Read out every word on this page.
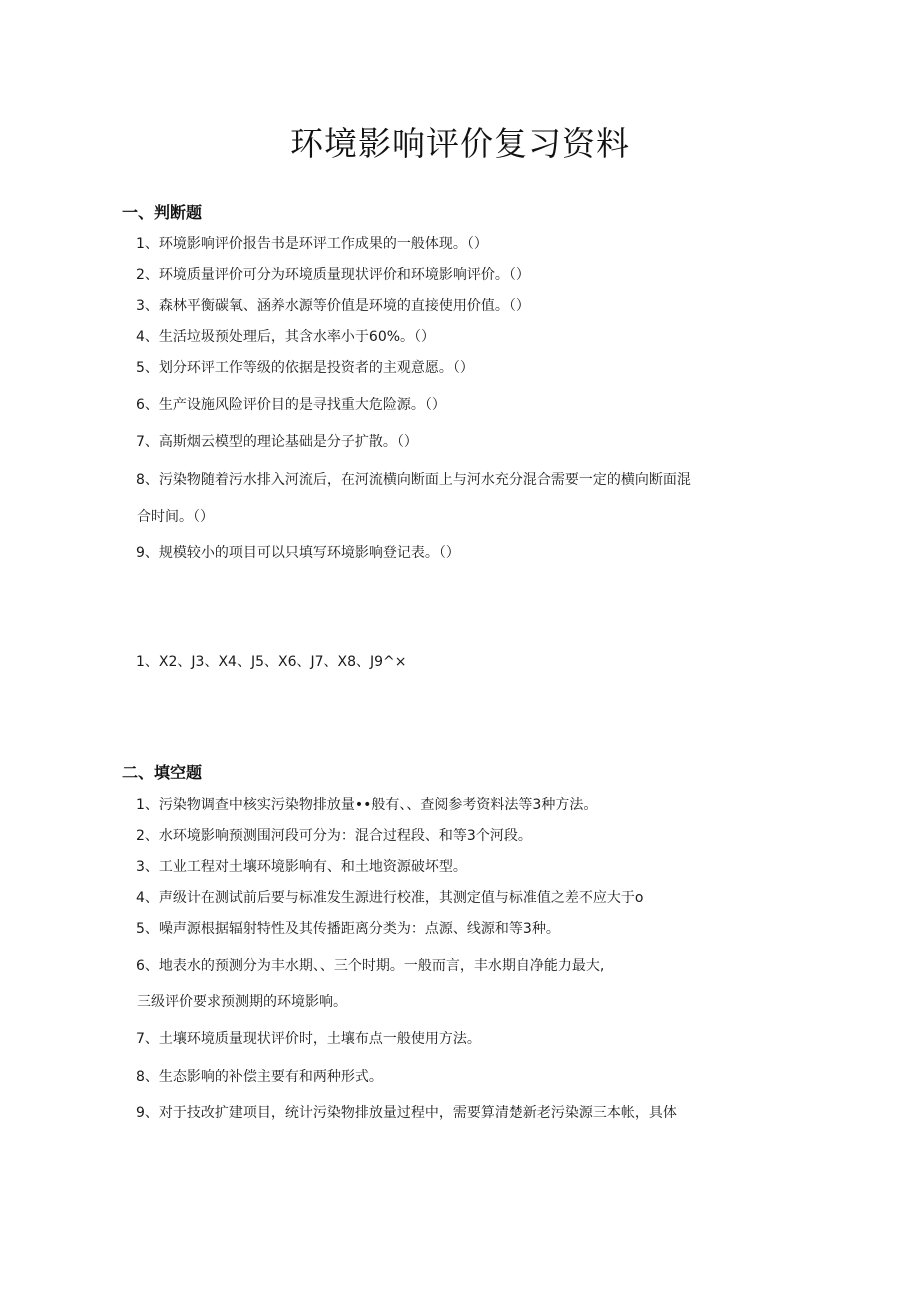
环境影响评价复习资料
一、判断题
1、环境影响评价报告书是环评工作成果的一般体现。（）
2、环境质量评价可分为环境质量现状评价和环境影响评价。（）
3、森林平衡碳氧、涵养水源等价值是环境的直接使用价值。（）
4、生活垃圾预处理后，其含水率小于60%。（）
5、划分环评工作等级的依据是投资者的主观意愿。（）
6、生产设施风险评价目的是寻找重大危险源。（）
7、高斯烟云模型的理论基础是分子扩散。（）
8、污染物随着污水排入河流后，在河流横向断面上与河水充分混合需要一定的横向断面混
合时间。（）
9、规模较小的项目可以只填写环境影响登记表。（）
1、X2、J3、X4、J5、X6、J7、X8、J9^×
二、填空题
1、污染物调查中核实污染物排放量••般有、、查阅参考资料法等3种方法。
2、水环境影响预测围河段可分为：混合过程段、和等3个河段。
3、工业工程对土壤环境影响有、和土地资源破坏型。
4、声级计在测试前后要与标准发生源进行校准，其测定值与标准值之差不应大于o
5、噪声源根据辐射特性及其传播距离分类为：点源、线源和等3种。
6、地表水的预测分为丰水期、、三个时期。一般而言，丰水期自净能力最大,
三级评价要求预测期的环境影响。
7、土壤环境质量现状评价时，土壤布点一般使用方法。
8、生态影响的补偿主要有和两种形式。
9、对于技改扩建项目，统计污染物排放量过程中，需要算清楚新老污染源三本帐，具体
